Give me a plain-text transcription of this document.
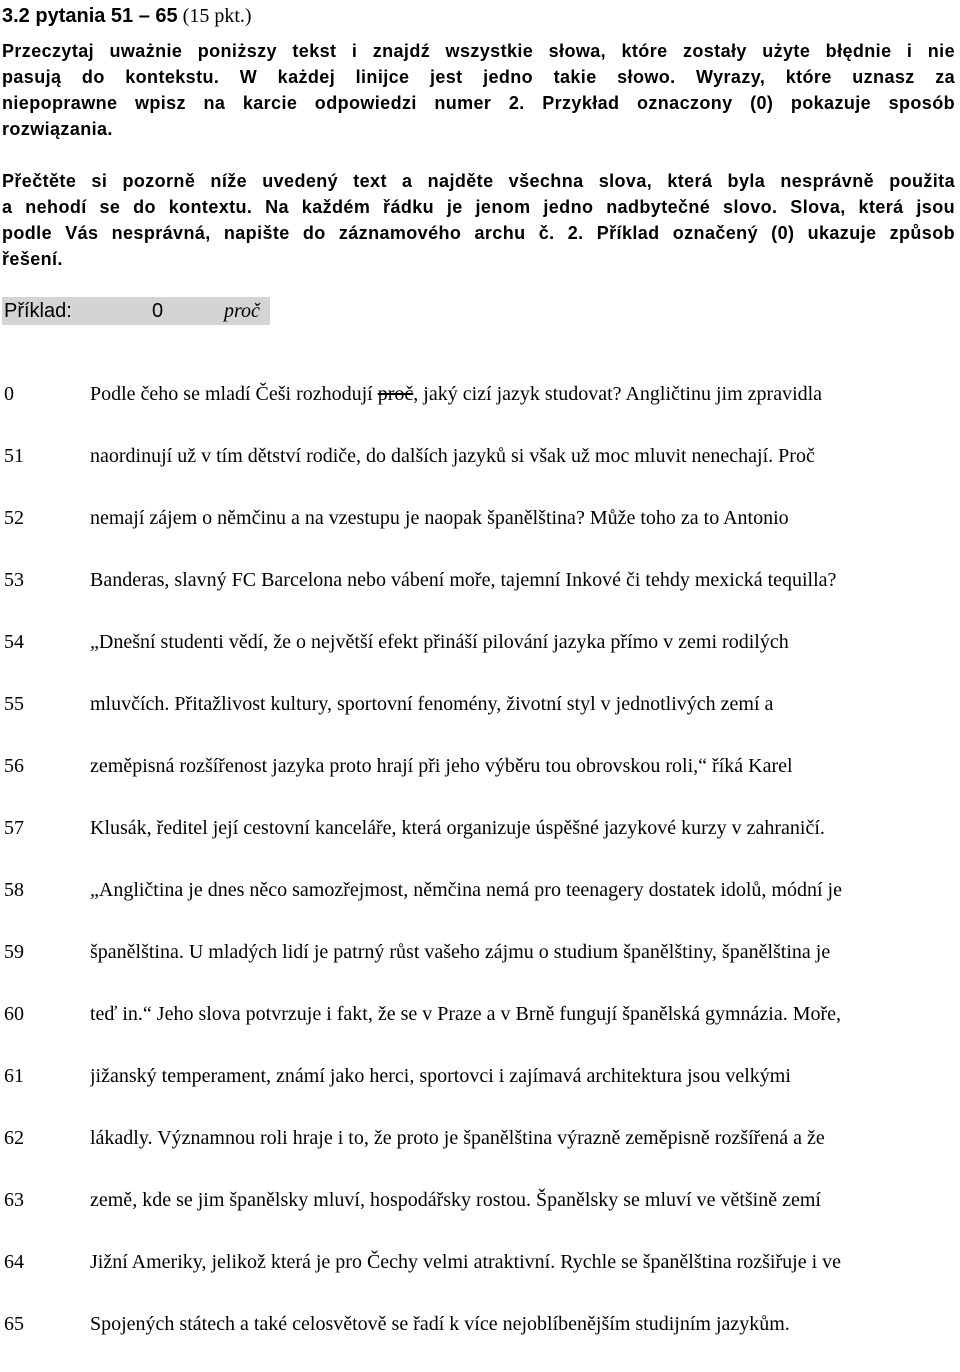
3.2 pytania 51 – 65 (15 pkt.)
Przeczytaj uważnie poniższy tekst i znajdź wszystkie słowa, które zostały użyte błędnie i nie
pasują do kontekstu. W każdej linijce jest jedno takie słowo. Wyrazy, które uznasz za
niepoprawne wpisz na karcie odpowiedzi numer 2. Przykład oznaczony (0) pokazuje sposób
rozwiązania.
Přečtěte si pozorně níže uvedený text a najděte všechna slova, která byla nesprávně použita
a nehodí se do kontextu. Na každém řádku je jenom jedno nadbytečné slovo. Slova, která jsou
podle Vás nesprávná, napište do záznamového archu č. 2. Příklad označený (0) ukazuje způsob
řešení.
Příklad:	0	proč
0	Podle čeho se mladí Češi rozhodují proč, jaký cizí jazyk studovat? Angličtinu jim zpravidla
51	naordinují už v tím dětství rodiče, do dalších jazyků si však už moc mluvit nenechají. Proč
52	nemají zájem o němčinu a na vzestupu je naopak španělština? Může toho za to Antonio
53	Banderas, slavný FC Barcelona nebo vábení moře, tajemní Inkové či tehdy mexická tequilla?
54	„Dnešní studenti vědí, že o největší efekt přináší pilování jazyka přímo v zemi rodilých
55	mluvčích. Přitažlivost kultury, sportovní fenomény, životní styl v jednotlivých zemí a
56	zeměpisná rozšířenost jazyka proto hrají při jeho výběru tou obrovskou roli,“ říká Karel
57	Klusák, ředitel její cestovní kanceláře, která organizuje úspěšné jazykové kurzy v zahraničí.
58	„Angličtina je dnes něco samozřejmost, němčina nemá pro teenagery dostatek idolů, módní je
59	španělština. U mladých lidí je patrný růst vašeho zájmu o studium španělštiny, španělština je
60	teď in.“ Jeho slova potvrzuje i fakt, že se v Praze a v Brně fungují španělská gymnázia. Moře,
61	jižanský temperament, známí jako herci, sportovci i zajímavá architektura jsou velkými
62	lákadly. Významnou roli hraje i to, že proto je španělština výrazně zeměpisně rozšířená a že
63	země, kde se jim španělsky mluví, hospodářsky rostou. Španělsky se mluví ve většině zemí
64	Jižní Ameriky, jelikož která je pro Čechy velmi atraktivní. Rychle se španělština rozšiřuje i ve
65	Spojených státech a také celosvětově se řadí k více nejoblíbenějším studijním jazykům.
